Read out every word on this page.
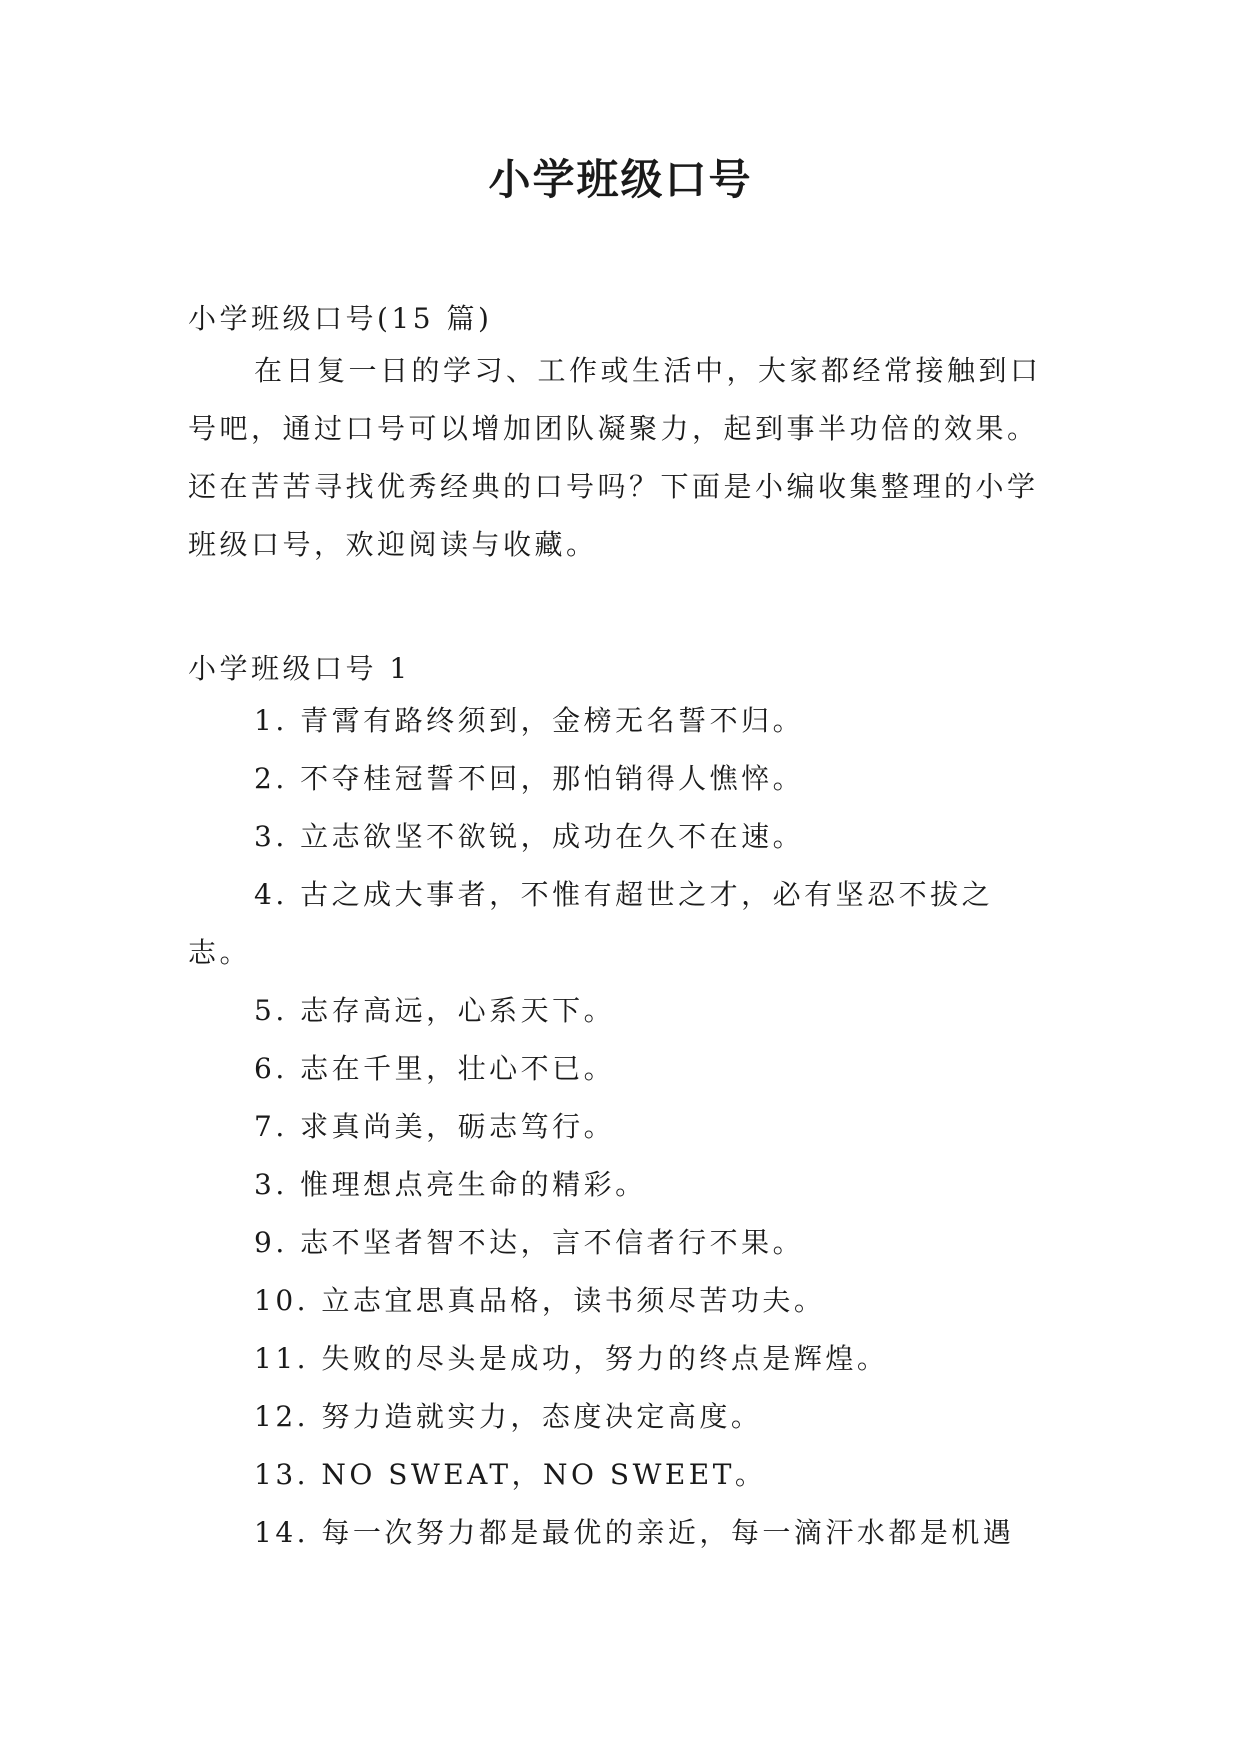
小学班级口号

小学班级口号(15 篇)

在日复一日的学习、工作或生活中，大家都经常接触到口号吧，通过口号可以增加团队凝聚力，起到事半功倍的效果。还在苦苦寻找优秀经典的口号吗？下面是小编收集整理的小学班级口号，欢迎阅读与收藏。

小学班级口号 1

1. 青霄有路终须到，金榜无名誓不归。
2. 不夺桂冠誓不回，那怕销得人憔悴。
3. 立志欲坚不欲锐，成功在久不在速。
4. 古之成大事者，不惟有超世之才，必有坚忍不拔之志。
5. 志存高远，心系天下。
6. 志在千里，壮心不已。
7. 求真尚美，砺志笃行。
3. 惟理想点亮生命的精彩。
9. 志不坚者智不达，言不信者行不果。
10. 立志宜思真品格，读书须尽苦功夫。
11. 失败的尽头是成功，努力的终点是辉煌。
12. 努力造就实力，态度决定高度。
13. NO SWEAT，NO SWEET。
14. 每一次努力都是最优的亲近，每一滴汗水都是机遇
